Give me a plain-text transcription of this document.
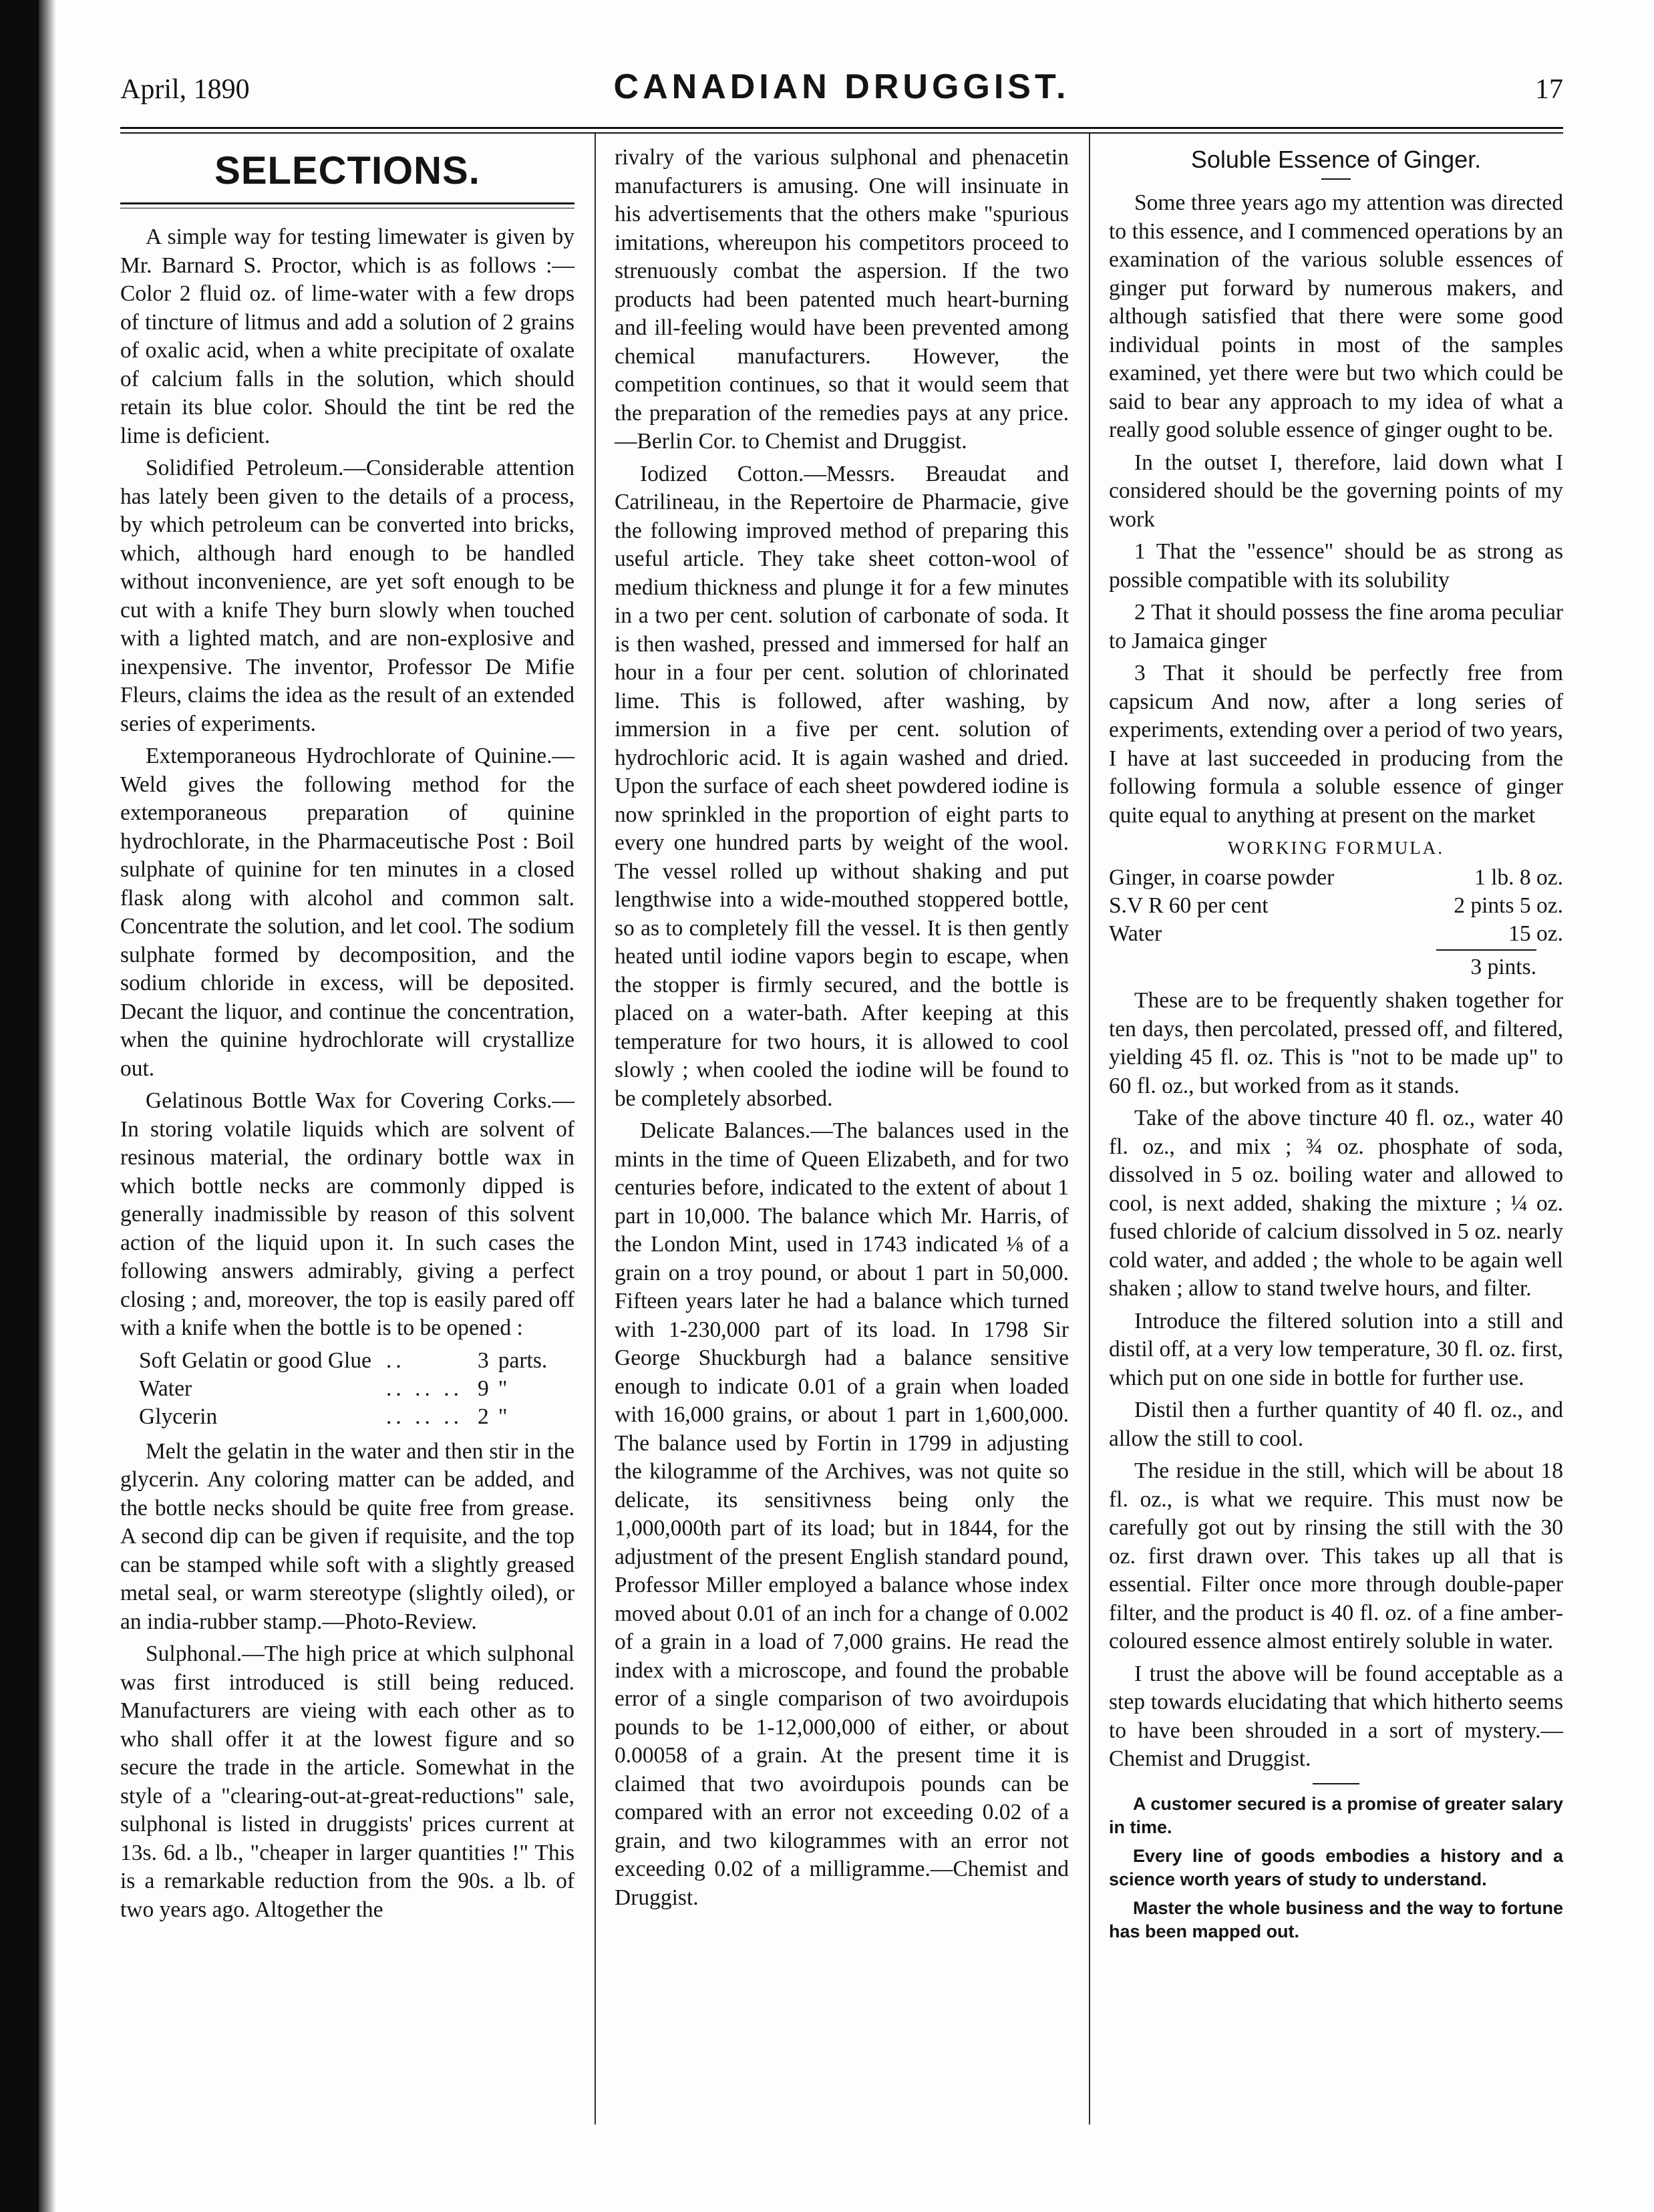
April, 1890	CANADIAN DRUGGIST.	17
SELECTIONS.

A simple way for testing limewater is given by Mr. Barnard S. Proctor, which is as follows :—Color 2 fluid oz. of lime-water with a few drops of tincture of litmus and add a solution of 2 grains of oxalic acid, when a white precipitate of oxalate of calcium falls in the solution, which should retain its blue color. Should the tint be red the lime is deficient.

Solidified Petroleum.—Considerable attention has lately been given to the details of a process, by which petroleum can be converted into bricks, which, although hard enough to be handled without inconvenience, are yet soft enough to be cut with a knife They burn slowly when touched with a lighted match, and are non-explosive and inexpensive. The inventor, Professor De Mifie Fleurs, claims the idea as the result of an extended series of experiments.

Extemporaneous Hydrochlorate of Quinine.—Weld gives the following method for the extemporaneous preparation of quinine hydrochlorate, in the Pharmaceutische Post : Boil sulphate of quinine for ten minutes in a closed flask along with alcohol and common salt. Concentrate the solution, and let cool. The sodium sulphate formed by decomposition, and the sodium chloride in excess, will be deposited. Decant the liquor, and continue the concentration, when the quinine hydrochlorate will crystallize out.

Gelatinous Bottle Wax for Covering Corks.—In storing volatile liquids which are solvent of resinous material, the ordinary bottle wax in which bottle necks are commonly dipped is generally inadmissible by reason of this solvent action of the liquid upon it. In such cases the following answers admirably, giving a perfect closing ; and, moreover, the top is easily pared off with a knife when the bottle is to be opened :

Soft Gelatin or good Glue	..	3	parts.
Water	.. .. ..	9	"
Glycerin	.. .. ..	2	"

Melt the gelatin in the water and then stir in the glycerin. Any coloring matter can be added, and the bottle necks should be quite free from grease. A second dip can be given if requisite, and the top can be stamped while soft with a slightly greased metal seal, or warm stereotype (slightly oiled), or an india-rubber stamp.—Photo-Review.

Sulphonal.—The high price at which sulphonal was first introduced is still being reduced. Manufacturers are vieing with each other as to who shall offer it at the lowest figure and so secure the trade in the article. Somewhat in the style of a "clearing-out-at-great-reductions" sale, sulphonal is listed in druggists' prices current at 13s. 6d. a lb., "cheaper in larger quantities !" This is a remarkable reduction from the 90s. a lb. of two years ago. Altogether the

rivalry of the various sulphonal and phenacetin manufacturers is amusing. One will insinuate in his advertisements that the others make "spurious imitations, whereupon his competitors proceed to strenuously combat the aspersion. If the two products had been patented much heart-burning and ill-feeling would have been prevented among chemical manufacturers. However, the competition continues, so that it would seem that the preparation of the remedies pays at any price.—Berlin Cor. to Chemist and Druggist.

Iodized Cotton.—Messrs. Breaudat and Catrilineau, in the Repertoire de Pharmacie, give the following improved method of preparing this useful article. They take sheet cotton-wool of medium thickness and plunge it for a few minutes in a two per cent. solution of carbonate of soda. It is then washed, pressed and immersed for half an hour in a four per cent. solution of chlorinated lime. This is followed, after washing, by immersion in a five per cent. solution of hydrochloric acid. It is again washed and dried. Upon the surface of each sheet powdered iodine is now sprinkled in the proportion of eight parts to every one hundred parts by weight of the wool. The vessel rolled up without shaking and put lengthwise into a wide-mouthed stoppered bottle, so as to completely fill the vessel. It is then gently heated until iodine vapors begin to escape, when the stopper is firmly secured, and the bottle is placed on a water-bath. After keeping at this temperature for two hours, it is allowed to cool slowly ; when cooled the iodine will be found to be completely absorbed.

Delicate Balances.—The balances used in the mints in the time of Queen Elizabeth, and for two centuries before, indicated to the extent of about 1 part in 10,000. The balance which Mr. Harris, of the London Mint, used in 1743 indicated ⅛ of a grain on a troy pound, or about 1 part in 50,000. Fifteen years later he had a balance which turned with 1-230,000 part of its load. In 1798 Sir George Shuckburgh had a balance sensitive enough to indicate 0.01 of a grain when loaded with 16,000 grains, or about 1 part in 1,600,000. The balance used by Fortin in 1799 in adjusting the kilogramme of the Archives, was not quite so delicate, its sensitivness being only the 1,000,000th part of its load; but in 1844, for the adjustment of the present English standard pound, Professor Miller employed a balance whose index moved about 0.01 of an inch for a change of 0.002 of a grain in a load of 7,000 grains. He read the index with a microscope, and found the probable error of a single comparison of two avoirdupois pounds to be 1-12,000,000 of either, or about 0.00058 of a grain. At the present time it is claimed that two avoirdupois pounds can be compared with an error not exceeding 0.02 of a grain, and two kilogrammes with an error not exceeding 0.02 of a milligramme.—Chemist and Druggist.

Soluble Essence of Ginger.

Some three years ago my attention was directed to this essence, and I commenced operations by an examination of the various soluble essences of ginger put forward by numerous makers, and although satisfied that there were some good individual points in most of the samples examined, yet there were but two which could be said to bear any approach to my idea of what a really good soluble essence of ginger ought to be.

In the outset I, therefore, laid down what I considered should be the governing points of my work

1 That the "essence" should be as strong as possible compatible with its solubility

2 That it should possess the fine aroma peculiar to Jamaica ginger

3 That it should be perfectly free from capsicum And now, after a long series of experiments, extending over a period of two years, I have at last succeeded in producing from the following formula a soluble essence of ginger quite equal to anything at present on the market

WORKING FORMULA.
Ginger, in coarse powder	1 lb. 8 oz.
S.V R 60 per cent	2 pints 5 oz.
Water	15 oz.
3 pints.

These are to be frequently shaken together for ten days, then percolated, pressed off, and filtered, yielding 45 fl. oz. This is "not to be made up" to 60 fl. oz., but worked from as it stands.

Take of the above tincture 40 fl. oz., water 40 fl. oz., and mix ; ¾ oz. phosphate of soda, dissolved in 5 oz. boiling water and allowed to cool, is next added, shaking the mixture ; ¼ oz. fused chloride of calcium dissolved in 5 oz. nearly cold water, and added ; the whole to be again well shaken ; allow to stand twelve hours, and filter.

Introduce the filtered solution into a still and distil off, at a very low temperature, 30 fl. oz. first, which put on one side in bottle for further use.

Distil then a further quantity of 40 fl. oz., and allow the still to cool.

The residue in the still, which will be about 18 fl. oz., is what we require. This must now be carefully got out by rinsing the still with the 30 oz. first drawn over. This takes up all that is essential. Filter once more through double-paper filter, and the product is 40 fl. oz. of a fine amber-coloured essence almost entirely soluble in water.

I trust the above will be found acceptable as a step towards elucidating that which hitherto seems to have been shrouded in a sort of mystery.—Chemist and Druggist.

A customer secured is a promise of greater salary in time.

Every line of goods embodies a history and a science worth years of study to understand.

Master the whole business and the way to fortune has been mapped out.
